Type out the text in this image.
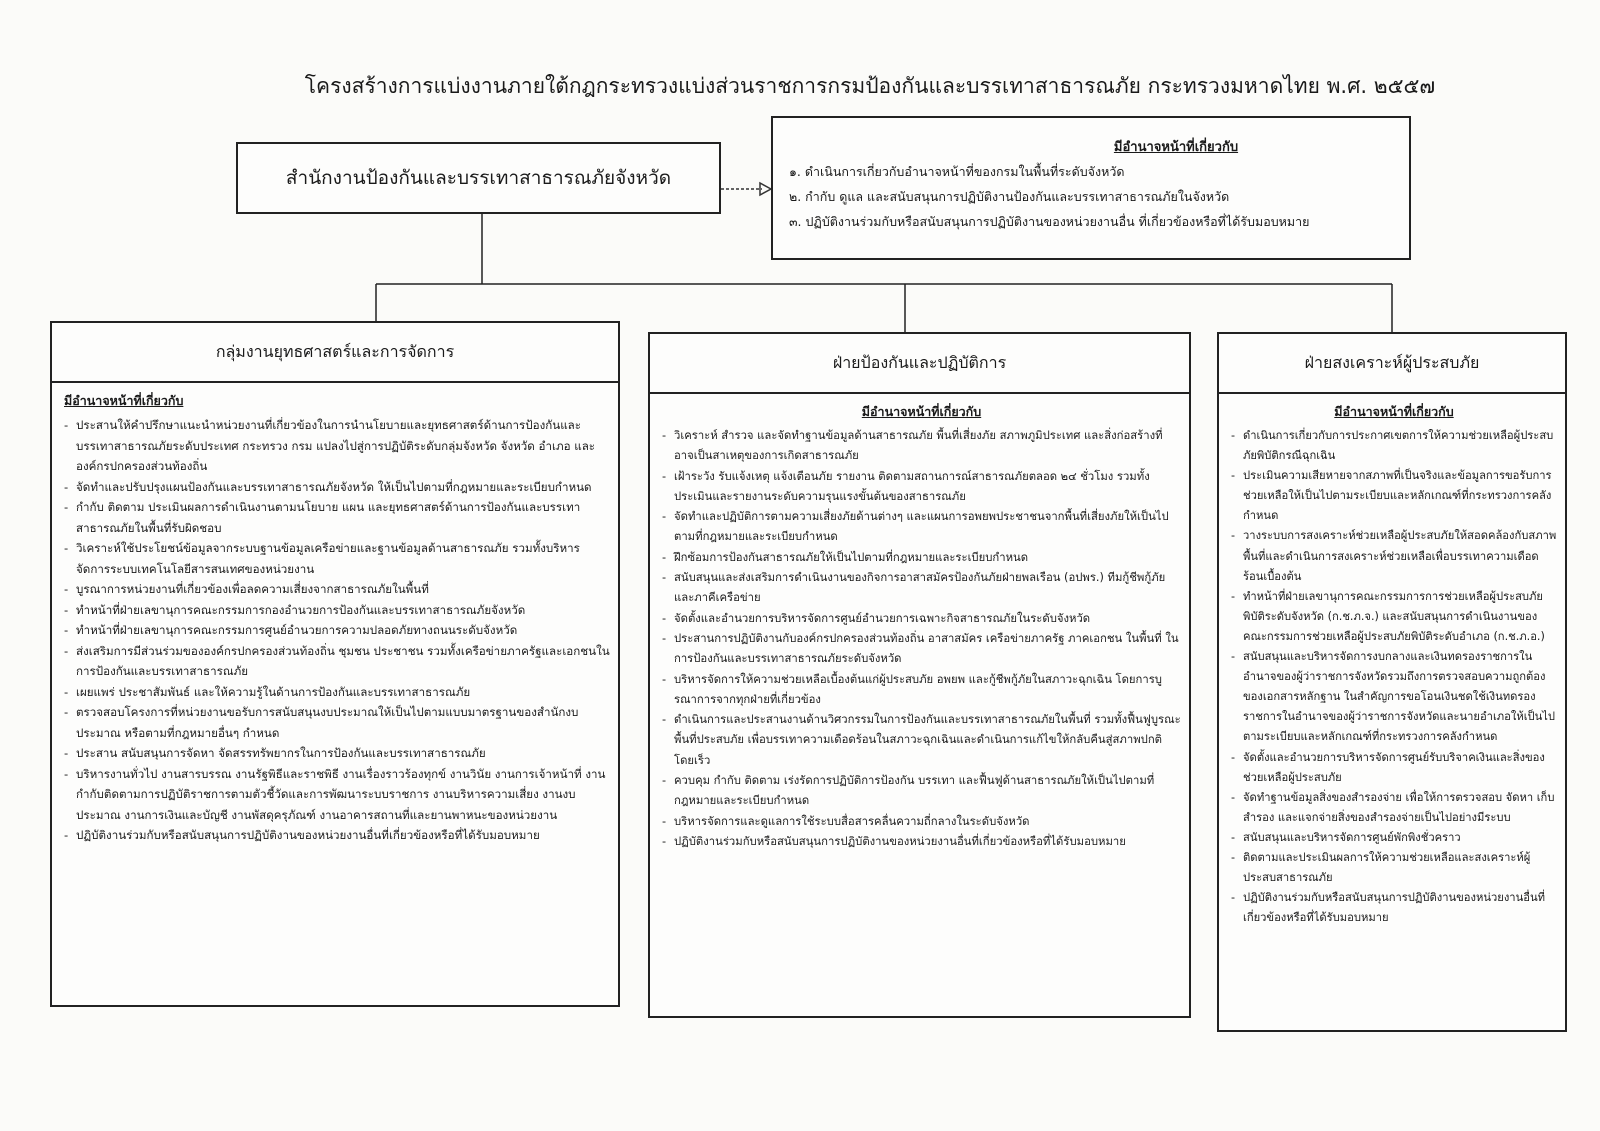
โครงสร้างการแบ่งงานภายใต้กฎกระทรวงแบ่งส่วนราชการกรมป้องกันและบรรเทาสาธารณภัย กระทรวงมหาดไทย พ.ศ. ๒๕๕๗
สำนักงานป้องกันและบรรเทาสาธารณภัยจังหวัด
มีอำนาจหน้าที่เกี่ยวกับ
๑. ดำเนินการเกี่ยวกับอำนาจหน้าที่ของกรมในพื้นที่ระดับจังหวัด
๒. กำกับ ดูแล และสนับสนุนการปฏิบัติงานป้องกันและบรรเทาสาธารณภัยในจังหวัด
๓. ปฏิบัติงานร่วมกับหรือสนับสนุนการปฏิบัติงานของหน่วยงานอื่น ที่เกี่ยวข้องหรือที่ได้รับมอบหมาย
กลุ่มงานยุทธศาสตร์และการจัดการ
มีอำนาจหน้าที่เกี่ยวกับ
- ประสานให้คำปรึกษาแนะนำหน่วยงานที่เกี่ยวข้องในการนำนโยบายและยุทธศาสตร์ด้านการป้องกันและบรรเทาสาธารณภัยระดับประเทศ กระทรวง กรม แปลงไปสู่การปฏิบัติระดับกลุ่มจังหวัด จังหวัด อำเภอ และองค์กรปกครองส่วนท้องถิ่น
- จัดทำและปรับปรุงแผนป้องกันและบรรเทาสาธารณภัยจังหวัด ให้เป็นไปตามที่กฎหมายและระเบียบกำหนด
- กำกับ ติดตาม ประเมินผลการดำเนินงานตามนโยบาย แผน และยุทธศาสตร์ด้านการป้องกันและบรรเทาสาธารณภัยในพื้นที่รับผิดชอบ
- วิเคราะห์ใช้ประโยชน์ข้อมูลจากระบบฐานข้อมูลเครือข่ายและฐานข้อมูลด้านสาธารณภัย รวมทั้งบริหารจัดการระบบเทคโนโลยีสารสนเทศของหน่วยงาน
- บูรณาการหน่วยงานที่เกี่ยวข้องเพื่อลดความเสี่ยงจากสาธารณภัยในพื้นที่
- ทำหน้าที่ฝ่ายเลขานุการคณะกรรมการกองอำนวยการป้องกันและบรรเทาสาธารณภัยจังหวัด
- ทำหน้าที่ฝ่ายเลขานุการคณะกรรมการศูนย์อำนวยการความปลอดภัยทางถนนระดับจังหวัด
- ส่งเสริมการมีส่วนร่วมขององค์กรปกครองส่วนท้องถิ่น ชุมชน ประชาชน รวมทั้งเครือข่ายภาครัฐและเอกชนในการป้องกันและบรรเทาสาธารณภัย
- เผยแพร่ ประชาสัมพันธ์ และให้ความรู้ในด้านการป้องกันและบรรเทาสาธารณภัย
- ตรวจสอบโครงการที่หน่วยงานขอรับการสนับสนุนงบประมาณให้เป็นไปตามแบบมาตรฐานของสำนักงบประมาณ หรือตามที่กฎหมายอื่นๆ กำหนด
- ประสาน สนับสนุนการจัดหา จัดสรรทรัพยากรในการป้องกันและบรรเทาสาธารณภัย
- บริหารงานทั่วไป งานสารบรรณ งานรัฐพิธีและราชพิธี งานเรื่องราวร้องทุกข์ งานวินัย งานการเจ้าหน้าที่ งานกำกับติดตามการปฏิบัติราชการตามตัวชี้วัดและการพัฒนาระบบราชการ งานบริหารความเสี่ยง งานงบประมาณ งานการเงินและบัญชี งานพัสดุครุภัณฑ์ งานอาคารสถานที่และยานพาหนะของหน่วยงาน
- ปฏิบัติงานร่วมกับหรือสนับสนุนการปฏิบัติงานของหน่วยงานอื่นที่เกี่ยวข้องหรือที่ได้รับมอบหมาย
ฝ่ายป้องกันและปฏิบัติการ
มีอำนาจหน้าที่เกี่ยวกับ
- วิเคราะห์ สำรวจ และจัดทำฐานข้อมูลด้านสาธารณภัย พื้นที่เสี่ยงภัย สภาพภูมิประเทศ และสิ่งก่อสร้างที่อาจเป็นสาเหตุของการเกิดสาธารณภัย
- เฝ้าระวัง รับแจ้งเหตุ แจ้งเตือนภัย รายงาน ติดตามสถานการณ์สาธารณภัยตลอด ๒๔ ชั่วโมง รวมทั้งประเมินและรายงานระดับความรุนแรงขั้นต้นของสาธารณภัย
- จัดทำและปฏิบัติการตามความเสี่ยงภัยด้านต่างๆ และแผนการอพยพประชาชนจากพื้นที่เสี่ยงภัยให้เป็นไปตามที่กฎหมายและระเบียบกำหนด
- ฝึกซ้อมการป้องกันสาธารณภัยให้เป็นไปตามที่กฎหมายและระเบียบกำหนด
- สนับสนุนและส่งเสริมการดำเนินงานของกิจการอาสาสมัครป้องกันภัยฝ่ายพลเรือน (อปพร.) ทีมกู้ชีพกู้ภัย และภาคีเครือข่าย
- จัดตั้งและอำนวยการบริหารจัดการศูนย์อำนวยการเฉพาะกิจสาธารณภัยในระดับจังหวัด
- ประสานการปฏิบัติงานกับองค์กรปกครองส่วนท้องถิ่น อาสาสมัคร เครือข่ายภาครัฐ ภาคเอกชน ในพื้นที่ ในการป้องกันและบรรเทาสาธารณภัยระดับจังหวัด
- บริหารจัดการให้ความช่วยเหลือเบื้องต้นแก่ผู้ประสบภัย อพยพ และกู้ชีพกู้ภัยในสภาวะฉุกเฉิน โดยการบูรณาการจากทุกฝ่ายที่เกี่ยวข้อง
- ดำเนินการและประสานงานด้านวิศวกรรมในการป้องกันและบรรเทาสาธารณภัยในพื้นที่ รวมทั้งฟื้นฟูบูรณะพื้นที่ประสบภัย เพื่อบรรเทาความเดือดร้อนในสภาวะฉุกเฉินและดำเนินการแก้ไขให้กลับคืนสู่สภาพปกติโดยเร็ว
- ควบคุม กำกับ ติดตาม เร่งรัดการปฏิบัติการป้องกัน บรรเทา และฟื้นฟูด้านสาธารณภัยให้เป็นไปตามที่กฎหมายและระเบียบกำหนด
- บริหารจัดการและดูแลการใช้ระบบสื่อสารคลื่นความถี่กลางในระดับจังหวัด
- ปฏิบัติงานร่วมกับหรือสนับสนุนการปฏิบัติงานของหน่วยงานอื่นที่เกี่ยวข้องหรือที่ได้รับมอบหมาย
ฝ่ายสงเคราะห์ผู้ประสบภัย
มีอำนาจหน้าที่เกี่ยวกับ
- ดำเนินการเกี่ยวกับการประกาศเขตการให้ความช่วยเหลือผู้ประสบภัยพิบัติกรณีฉุกเฉิน
- ประเมินความเสียหายจากสภาพที่เป็นจริงและข้อมูลการขอรับการช่วยเหลือให้เป็นไปตามระเบียบและหลักเกณฑ์ที่กระทรวงการคลังกำหนด
- วางระบบการสงเคราะห์ช่วยเหลือผู้ประสบภัยให้สอดคล้องกับสภาพพื้นที่และดำเนินการสงเคราะห์ช่วยเหลือเพื่อบรรเทาความเดือดร้อนเบื้องต้น
- ทำหน้าที่ฝ่ายเลขานุการคณะกรรมการการช่วยเหลือผู้ประสบภัยพิบัติระดับจังหวัด (ก.ช.ภ.จ.) และสนับสนุนการดำเนินงานของคณะกรรมการช่วยเหลือผู้ประสบภัยพิบัติระดับอำเภอ (ก.ช.ภ.อ.)
- สนับสนุนและบริหารจัดการงบกลางและเงินทดรองราชการในอำนาจของผู้ว่าราชการจังหวัดรวมถึงการตรวจสอบความถูกต้องของเอกสารหลักฐาน ในสำคัญการขอโอนเงินชดใช้เงินทดรองราชการในอำนาจของผู้ว่าราชการจังหวัดและนายอำเภอให้เป็นไปตามระเบียบและหลักเกณฑ์ที่กระทรวงการคลังกำหนด
- จัดตั้งและอำนวยการบริหารจัดการศูนย์รับบริจาคเงินและสิ่งของช่วยเหลือผู้ประสบภัย
- จัดทำฐานข้อมูลสิ่งของสำรองจ่าย เพื่อให้การตรวจสอบ จัดหา เก็บสำรอง และแจกจ่ายสิ่งของสำรองจ่ายเป็นไปอย่างมีระบบ
- สนับสนุนและบริหารจัดการศูนย์พักพิงชั่วคราว
- ติดตามและประเมินผลการให้ความช่วยเหลือและสงเคราะห์ผู้ประสบสาธารณภัย
- ปฏิบัติงานร่วมกับหรือสนับสนุนการปฏิบัติงานของหน่วยงานอื่นที่เกี่ยวข้องหรือที่ได้รับมอบหมาย
